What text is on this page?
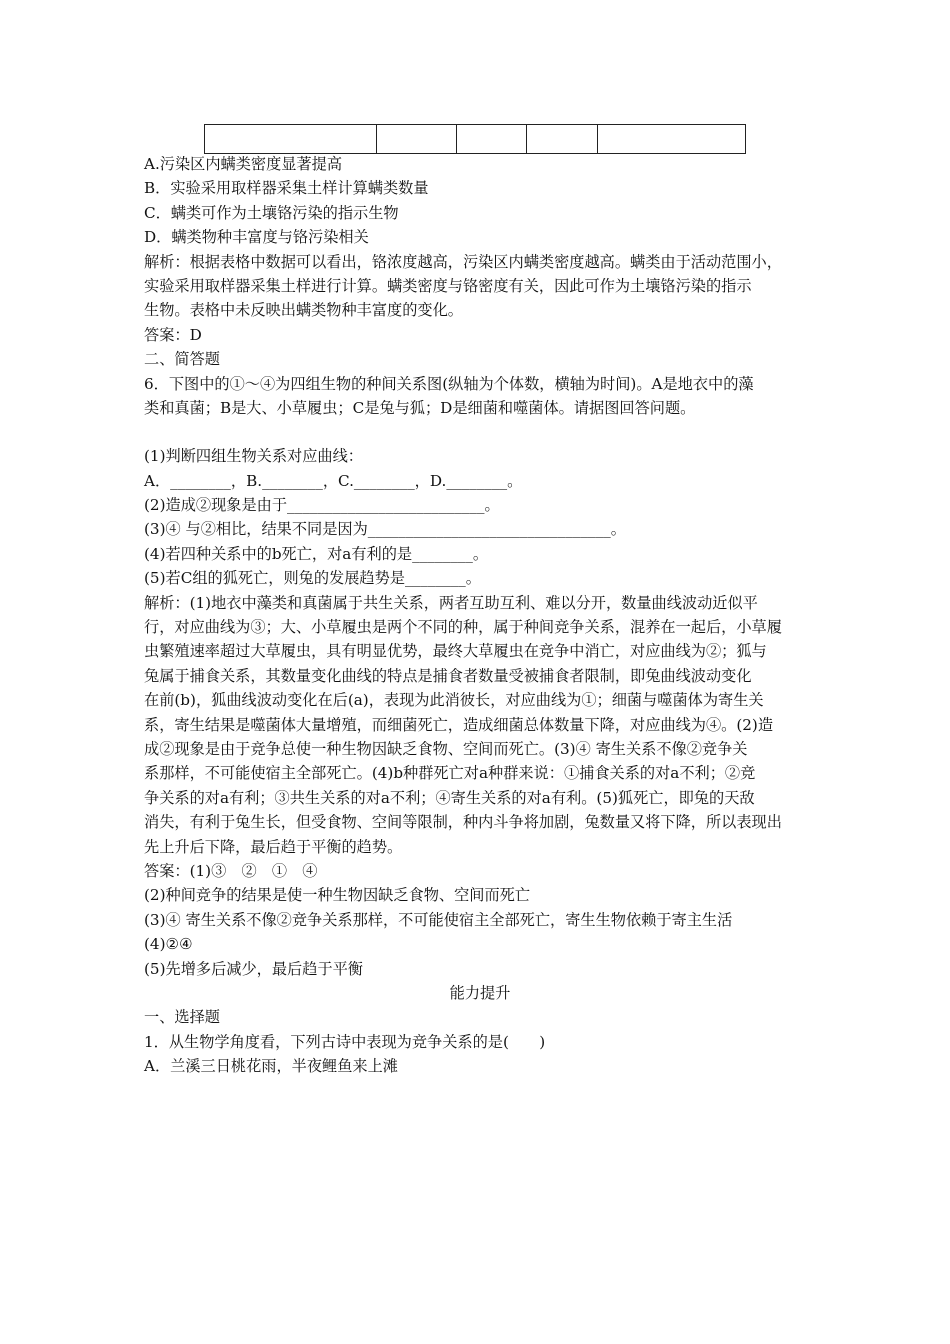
A.污染区内螨类密度显著提高
B．实验采用取样器采集土样计算螨类数量
C．螨类可作为土壤铬污染的指示生物
D．螨类物种丰富度与铬污染相关
解析：根据表格中数据可以看出，铬浓度越高，污染区内螨类密度越高。螨类由于活动范围小，
实验采用取样器采集土样进行计算。螨类密度与铬密度有关，因此可作为土壤铬污染的指示
生物。表格中未反映出螨类物种丰富度的变化。
答案：D
二、简答题
6．下图中的①～④为四组生物的种间关系图(纵轴为个体数，横轴为时间)。A是地衣中的藻
类和真菌；B是大、小草履虫；C是兔与狐；D是细菌和噬菌体。请据图回答问题。
(1)判断四组生物关系对应曲线：
A．________，B.________，C.________，D.________。
(2)造成②现象是由于__________________________。
(3)④ 与②相比，结果不同是因为________________________________。
(4)若四种关系中的b死亡，对a有利的是________。
(5)若C组的狐死亡，则兔的发展趋势是________。
解析：(1)地衣中藻类和真菌属于共生关系，两者互助互利、难以分开，数量曲线波动近似平
行，对应曲线为③；大、小草履虫是两个不同的种，属于种间竞争关系，混养在一起后，小草履
虫繁殖速率超过大草履虫，具有明显优势，最终大草履虫在竞争中消亡，对应曲线为②；狐与
兔属于捕食关系，其数量变化曲线的特点是捕食者数量受被捕食者限制，即兔曲线波动变化
在前(b)，狐曲线波动变化在后(a)，表现为此消彼长，对应曲线为①；细菌与噬菌体为寄生关
系，寄生结果是噬菌体大量增殖，而细菌死亡，造成细菌总体数量下降，对应曲线为④。(2)造
成②现象是由于竞争总使一种生物因缺乏食物、空间而死亡。(3)④ 寄生关系不像②竞争关
系那样，不可能使宿主全部死亡。(4)b种群死亡对a种群来说：①捕食关系的对a不利；②竞
争关系的对a有利；③共生关系的对a不利；④寄生关系的对a有利。(5)狐死亡，即兔的天敌
消失，有利于兔生长，但受食物、空间等限制，种内斗争将加剧，兔数量又将下降，所以表现出
先上升后下降，最后趋于平衡的趋势。
答案：(1)③　②　①　④
(2)种间竞争的结果是使一种生物因缺乏食物、空间而死亡
(3)④ 寄生关系不像②竞争关系那样，不可能使宿主全部死亡，寄生生物依赖于寄主生活
(4)②④
(5)先增多后减少，最后趋于平衡
能力提升
一、选择题
1．从生物学角度看，下列古诗中表现为竞争关系的是(　　)
A．兰溪三日桃花雨，半夜鲤鱼来上滩
